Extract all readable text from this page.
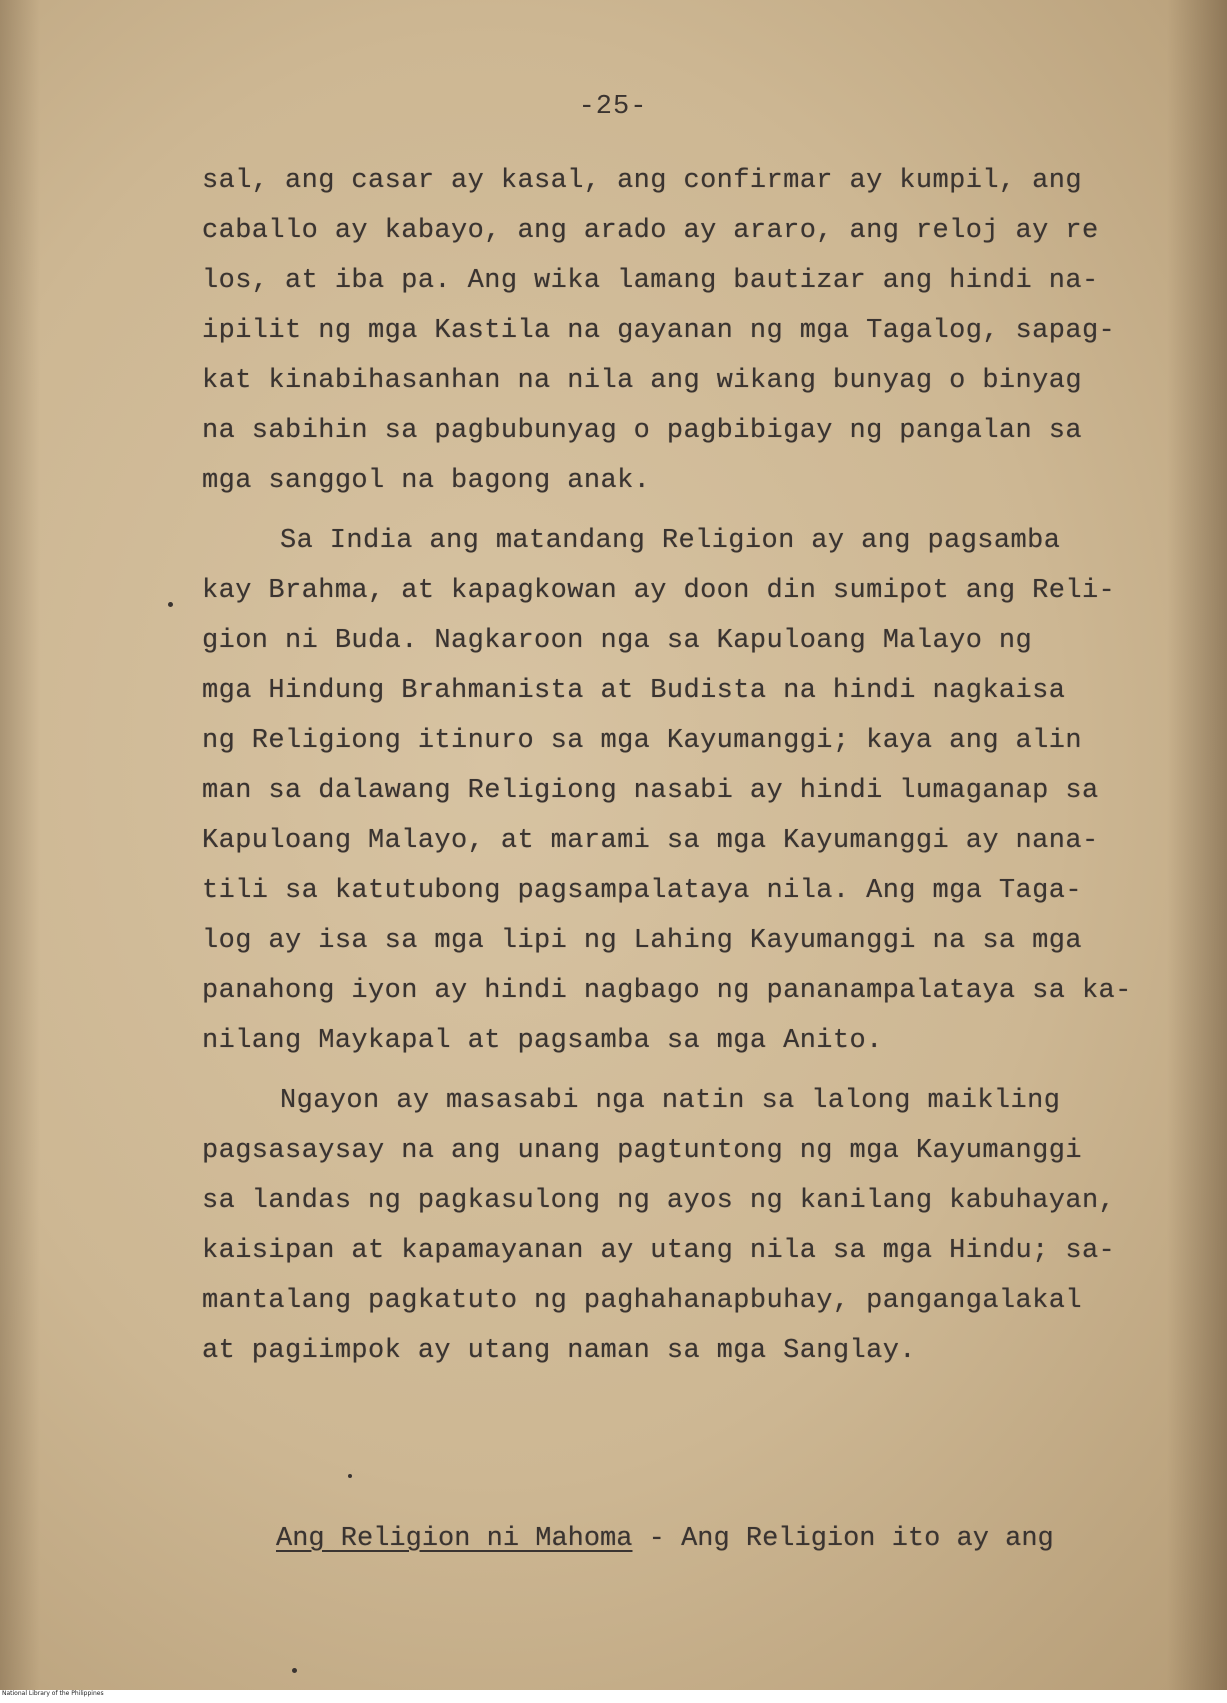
-25-
sal, ang casar ay kasal, ang confirmar ay kumpil, ang
caballo ay kabayo, ang arado ay araro, ang reloj ay re
los, at iba pa. Ang wika lamang bautizar ang hindi na-
ipilit ng mga Kastila na gayanan ng mga Tagalog, sapag-
kat kinabihasanhan na nila ang wikang bunyag o binyag
na sabihin sa pagbubunyag o pagbibigay ng pangalan sa
mga sanggol na bagong anak.
Sa India ang matandang Religion ay ang pagsamba
kay Brahma, at kapagkowan ay doon din sumipot ang Reli-
gion ni Buda. Nagkaroon nga sa Kapuloang Malayo ng
mga Hindung Brahmanista at Budista na hindi nagkaisa
ng Religiong itinuro sa mga Kayumanggi; kaya ang alin
man sa dalawang Religiong nasabi ay hindi lumaganap sa
Kapuloang Malayo, at marami sa mga Kayumanggi ay nana-
tili sa katutubong pagsampalataya nila. Ang mga Taga-
log ay isa sa mga lipi ng Lahing Kayumanggi na sa mga
panahong iyon ay hindi nagbago ng pananampalataya sa ka-
nilang Maykapal at pagsamba sa mga Anito.
Ngayon ay masasabi nga natin sa lalong maikling
pagsasaysay na ang unang pagtuntong ng mga Kayumanggi
sa landas ng pagkasulong ng ayos ng kanilang kabuhayan,
kaisipan at kapamayanan ay utang nila sa mga Hindu; sa-
mantalang pagkatuto ng paghahanapbuhay, pangangalakal
at pagiimpok ay utang naman sa mga Sanglay.
Ang Religion ni Mahoma - Ang Religion ito ay ang
National Library of the Philippines
